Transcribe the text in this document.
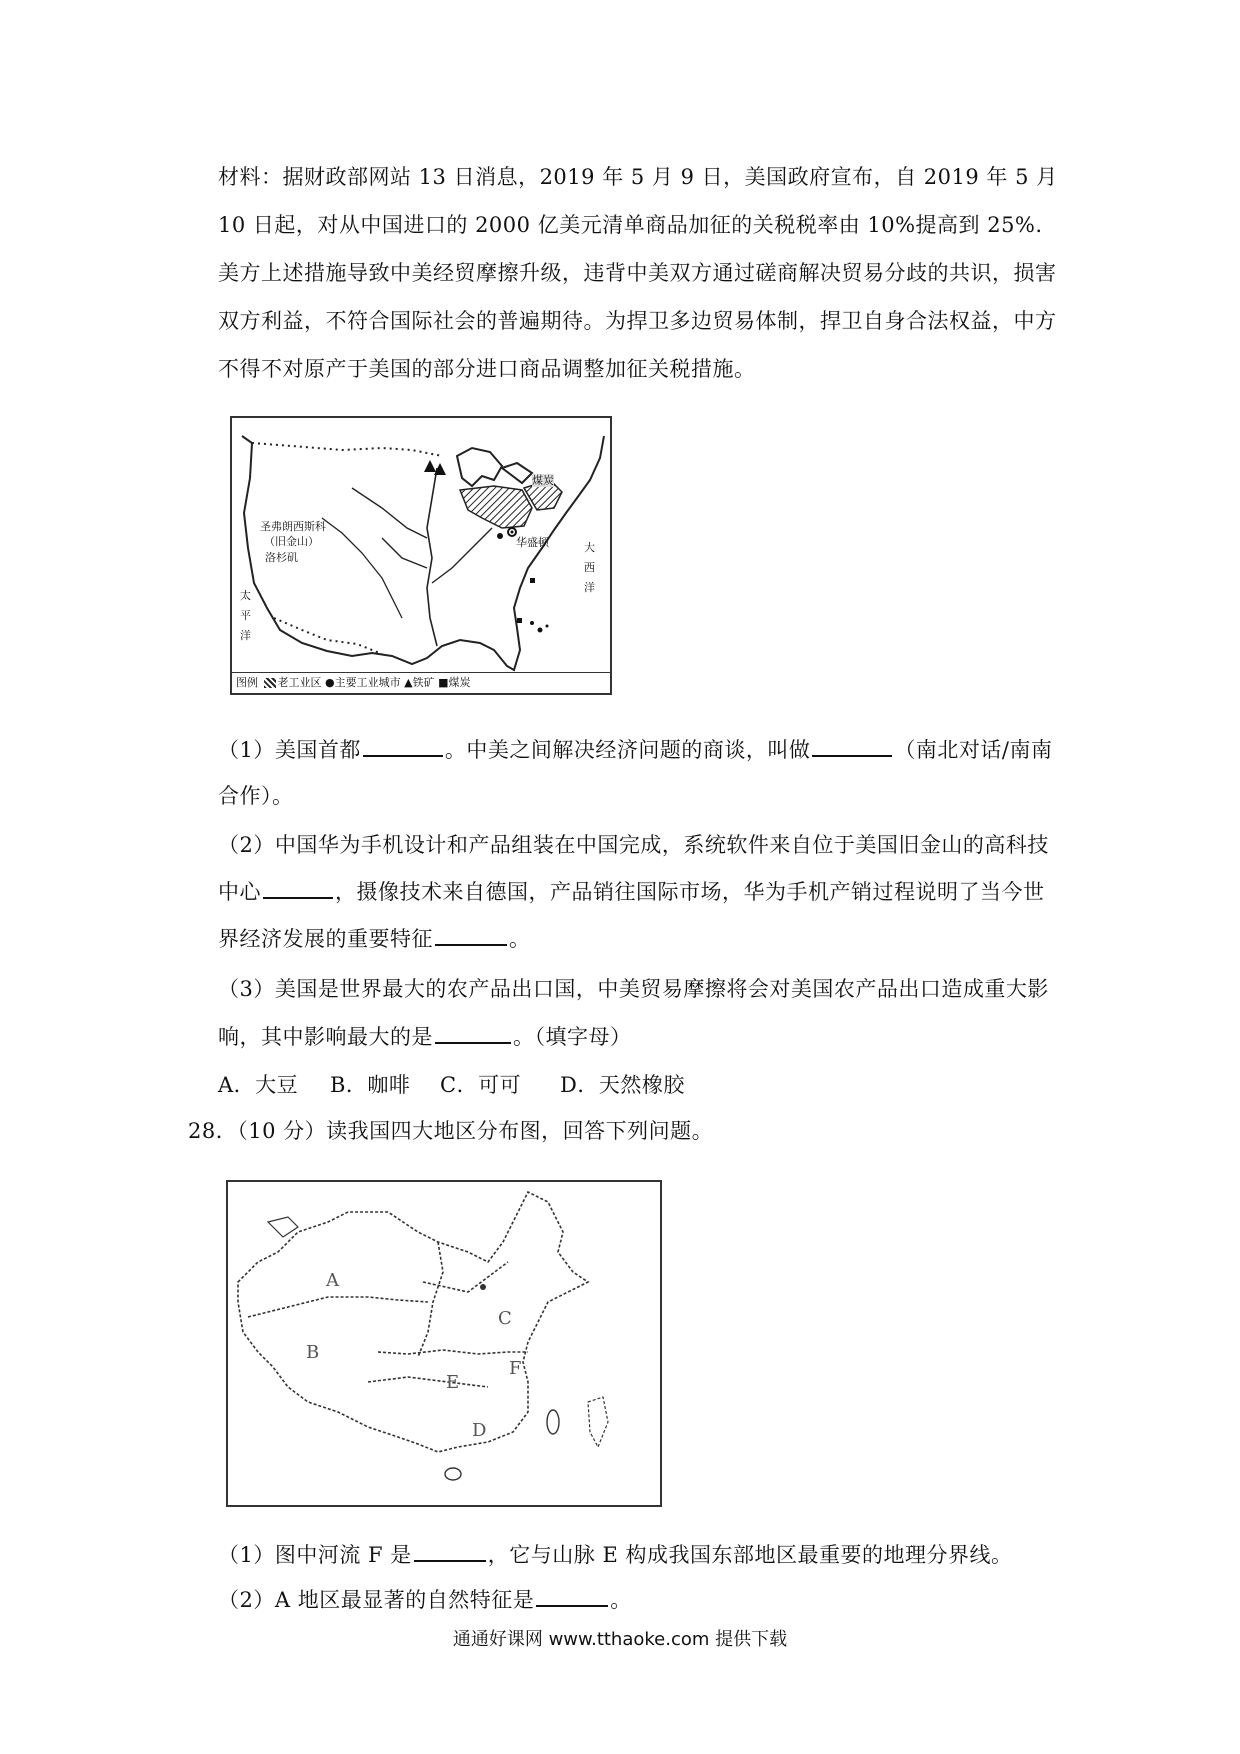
材料：据财政部网站 13 日消息，2019 年 5 月 9 日，美国政府宣布，自 2019 年 5 月 10 日起，对从中国进口的 2000 亿美元清单商品加征的关税税率由 10%提高到 25%. 美方上述措施导致中美经贸摩擦升级，违背中美双方通过磋商解决贸易分歧的共识，损害双方利益，不符合国际社会的普遍期待。为捍卫多边贸易体制，捍卫自身合法权益，中方不得不对原产于美国的部分进口商品调整加征关税措施。
圣弗朗西斯科
（旧金山）
洛杉矶
太
平
洋
大
西
洋
华盛顿
煤炭
图例 老工业区 ●主要工业城市 ▲铁矿 ■煤炭
（1）美国首都	。中美之间解决经济问题的商谈，叫做	（南北对话/南南
合作）。
（2）中国华为手机设计和产品组装在中国完成，系统软件来自位于美国旧金山的高科技
中心	，摄像技术来自德国，产品销往国际市场，华为手机产销过程说明了当今世
界经济发展的重要特征	。
（3）美国是世界最大的农产品出口国，中美贸易摩擦将会对美国农产品出口造成重大影
响，其中影响最大的是	。（填字母）
A．大豆 B．咖啡 C．可可 D．天然橡胶
28．（10 分）读我国四大地区分布图，回答下列问题。
A
B
C
D
E
F
（1）图中河流 F 是	，它与山脉 E 构成我国东部地区最重要的地理分界线。
（2）A 地区最显著的自然特征是	。
通通好课网 www.tthaoke.com 提供下载
